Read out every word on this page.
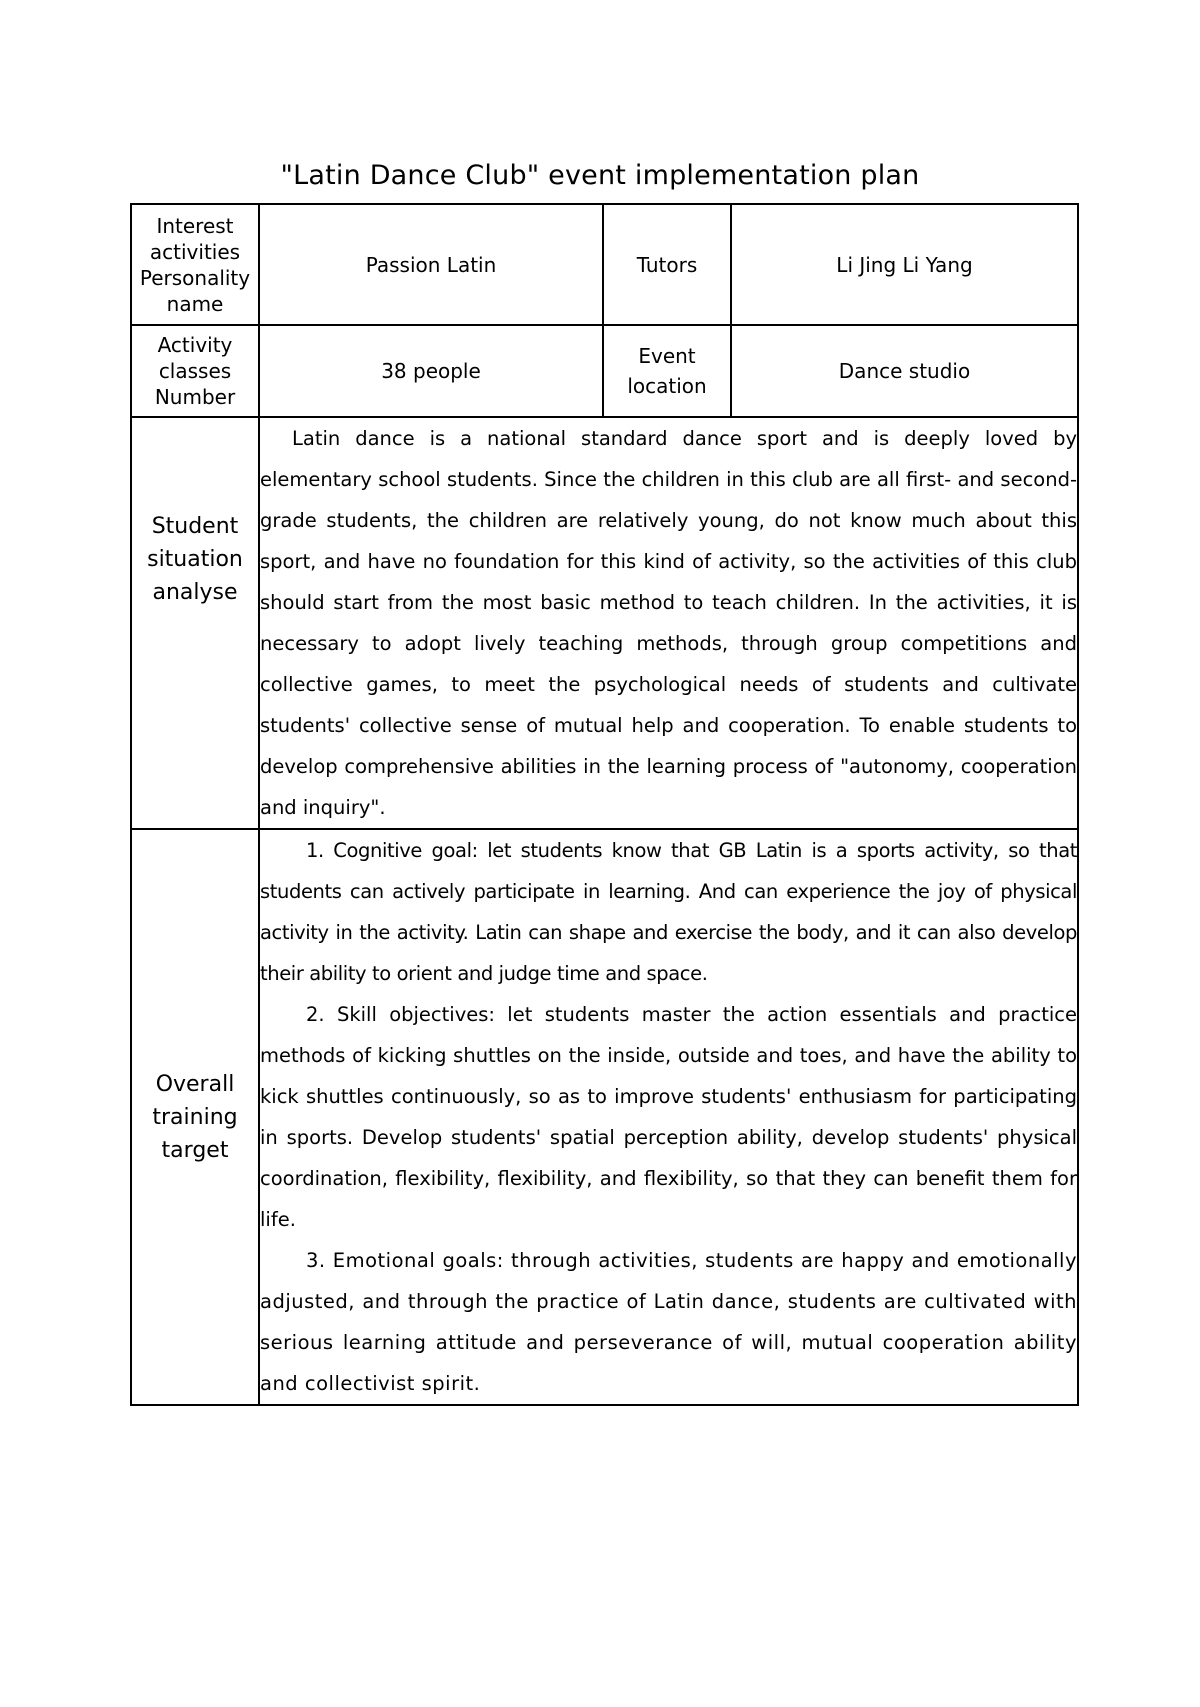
"Latin Dance Club" event implementation plan
Interest activities Personality name	Passion Latin	Tutors	Li Jing Li Yang
Activity classes Number	38 people	Event location	Dance studio
Student situation analyse	Latin dance is a national standard dance sport and is deeply loved by elementary school students. Since the children in this club are all first- and second-grade students, the children are relatively young, do not know much about this sport, and have no foundation for this kind of activity, so the activities of this club should start from the most basic method to teach children. In the activities, it is necessary to adopt lively teaching methods, through group competitions and collective games, to meet the psychological needs of students and cultivate students' collective sense of mutual help and cooperation. To enable students to develop comprehensive abilities in the learning process of "autonomy, cooperation and inquiry".		

Overall training target	1. Cognitive goal: let students know that GB Latin is a sports activity, so that students can actively participate in learning. And can experience the joy of physical activity in the activity. Latin can shape and exercise the body, and it can also develop their ability to orient and judge time and space.

2. Skill objectives: let students master the action essentials and practice methods of kicking shuttles on the inside, outside and toes, and have the ability to kick shuttles continuously, so as to improve students' enthusiasm for participating in sports. Develop students' spatial perception ability, develop students' physical coordination, flexibility, flexibility, and flexibility, so that they can benefit them for life.

3. Emotional goals: through activities, students are happy and emotionally adjusted, and through the practice of Latin dance, students are cultivated with serious learning attitude and perseverance of will, mutual cooperation ability and collectivist spirit.		
